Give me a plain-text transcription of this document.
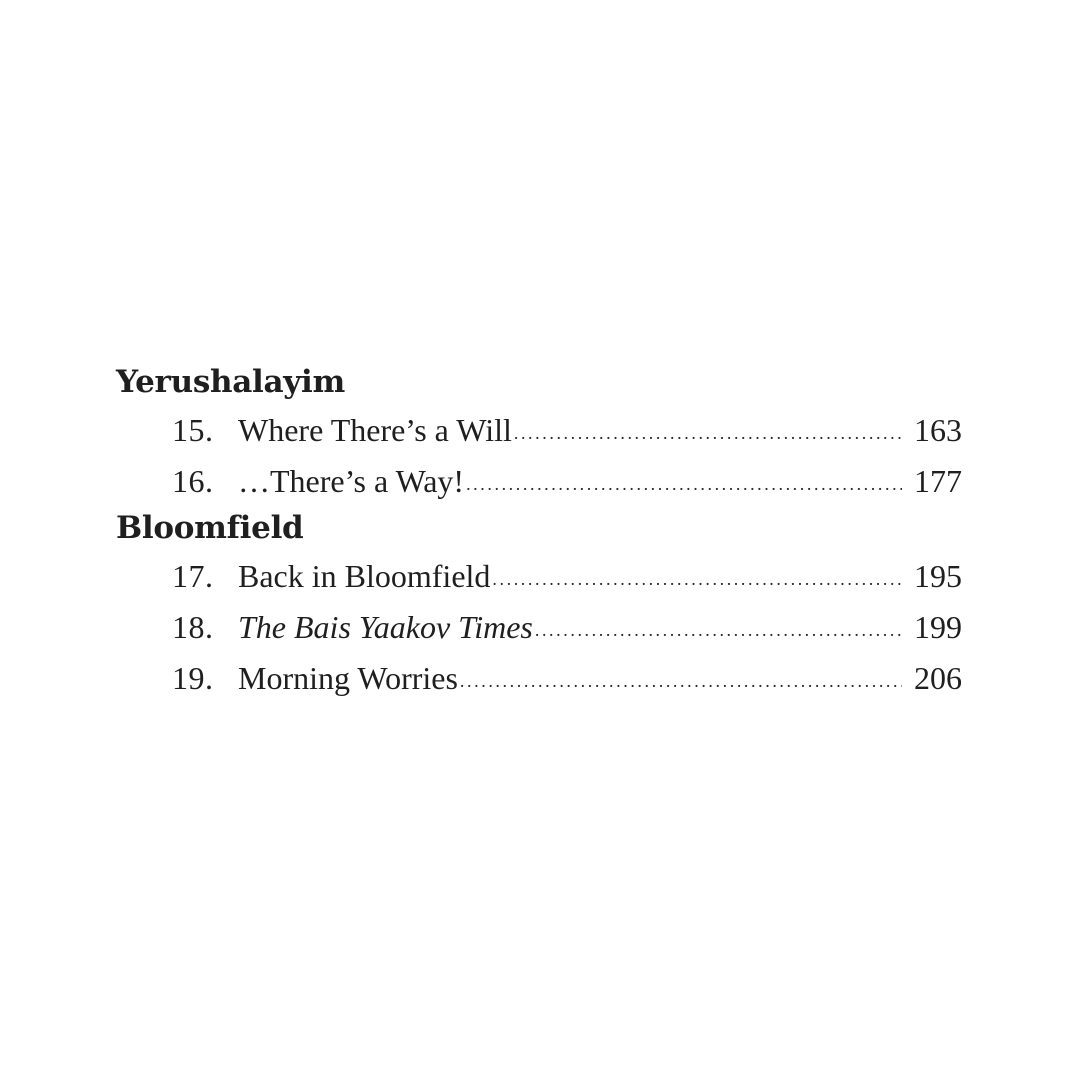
Yerushalayim
15. Where There’s a Will .....	163
16. …There’s a Way! .....	177
Bloomfield
17. Back in Bloomfield .....	195
18. The Bais Yaakov Times .....	199
19. Morning Worries .....	206
